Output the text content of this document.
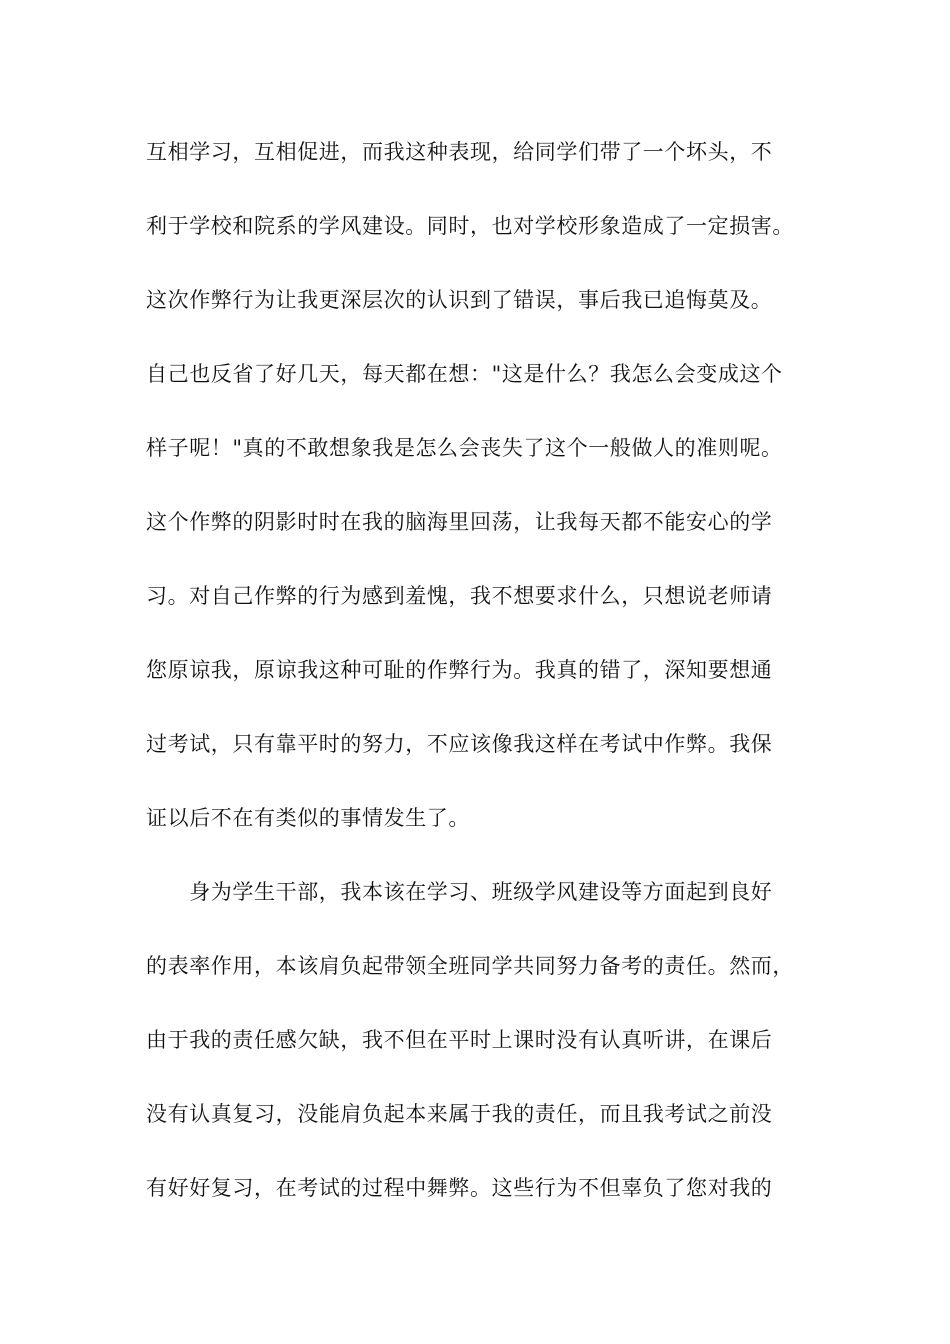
互相学习，互相促进，而我这种表现，给同学们带了一个坏头，不
利于学校和院系的学风建设。同时，也对学校形象造成了一定损害。
这次作弊行为让我更深层次的认识到了错误，事后我已追悔莫及。
自己也反省了好几天，每天都在想："这是什么？我怎么会变成这个
样子呢！"真的不敢想象我是怎么会丧失了这个一般做人的准则呢。
这个作弊的阴影时时在我的脑海里回荡，让我每天都不能安心的学
习。对自己作弊的行为感到羞愧，我不想要求什么，只想说老师请
您原谅我，原谅我这种可耻的作弊行为。我真的错了，深知要想通
过考试，只有靠平时的努力，不应该像我这样在考试中作弊。我保
证以后不在有类似的事情发生了。
　　身为学生干部，我本该在学习、班级学风建设等方面起到良好
的表率作用，本该肩负起带领全班同学共同努力备考的责任。然而，
由于我的责任感欠缺，我不但在平时上课时没有认真听讲，在课后
没有认真复习，没能肩负起本来属于我的责任，而且我考试之前没
有好好复习，在考试的过程中舞弊。这些行为不但辜负了您对我的
